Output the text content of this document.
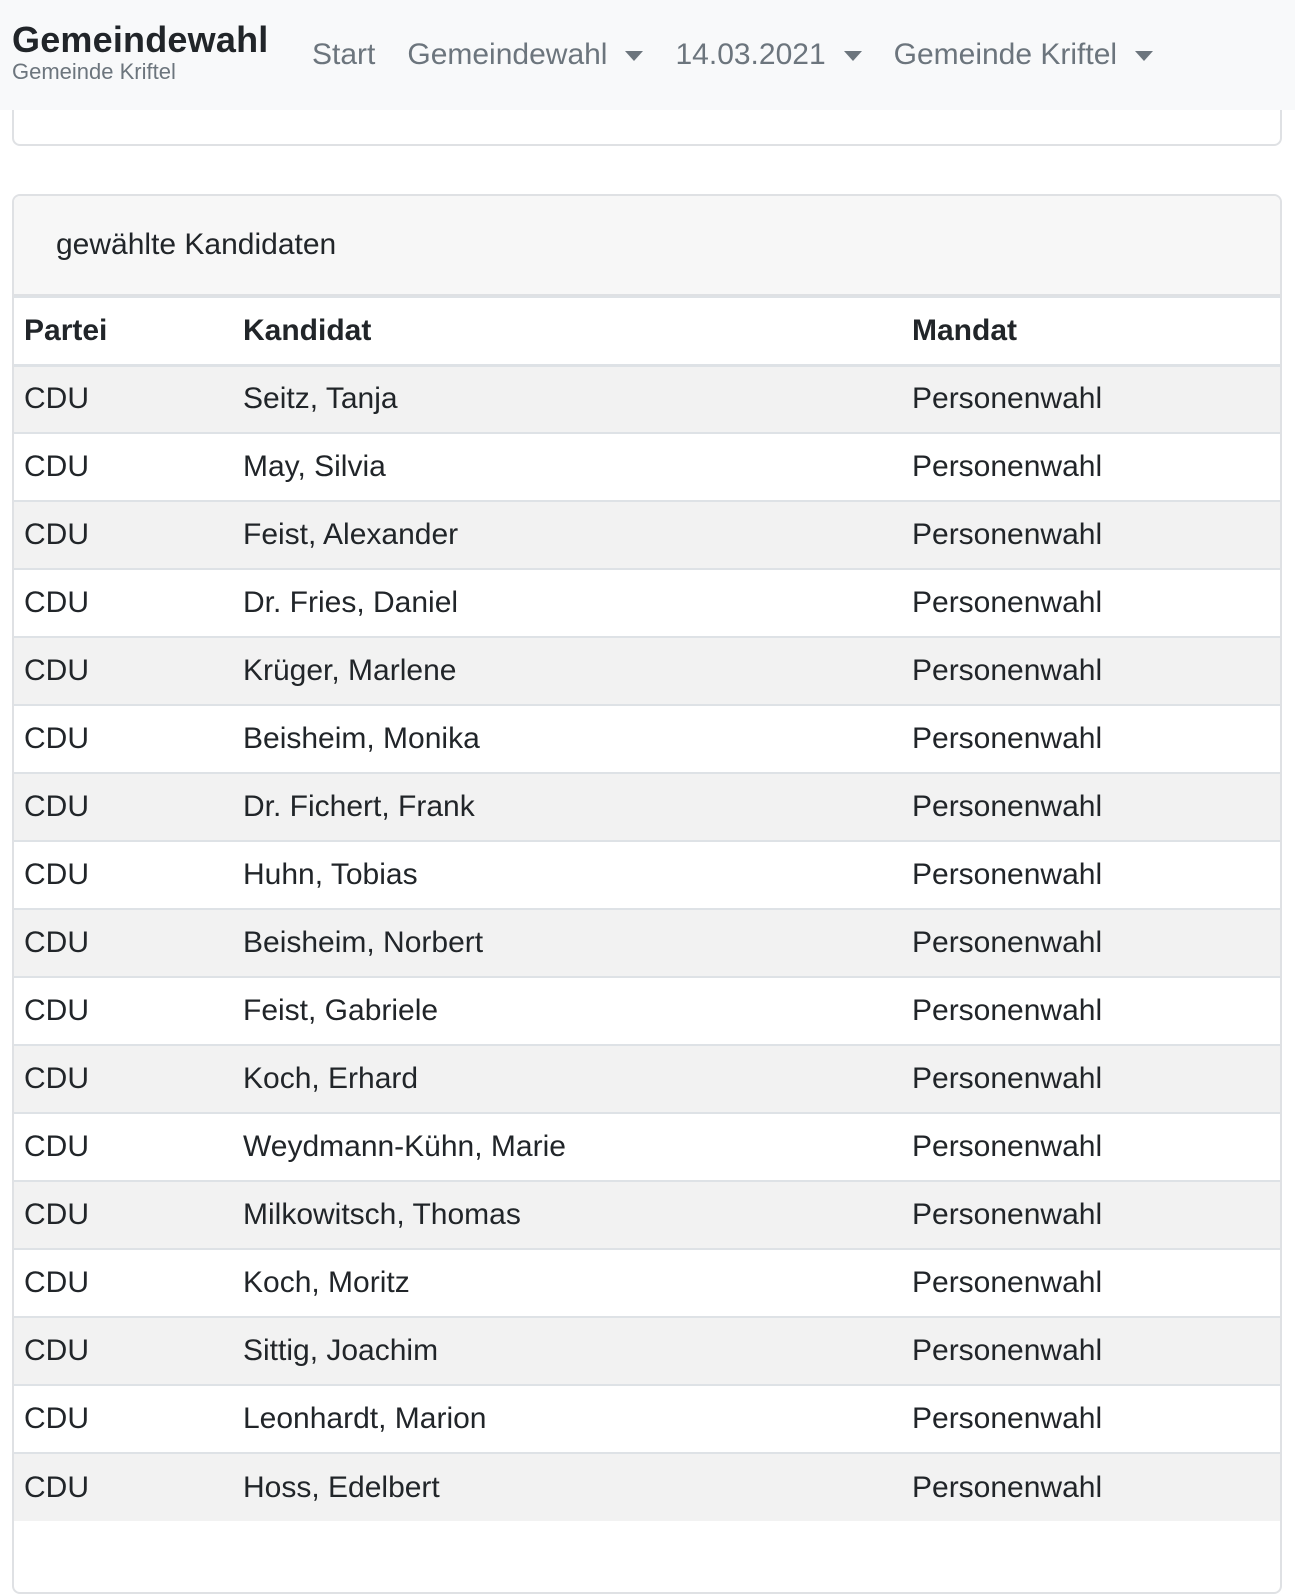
Gemeindewahl
Gemeinde Kriftel
Start Gemeindewahl 14.03.2021 Gemeinde Kriftel
gewählte Kandidaten
Partei	Kandidat	Mandat
CDU	Seitz, Tanja	Personenwahl
CDU	May, Silvia	Personenwahl
CDU	Feist, Alexander	Personenwahl
CDU	Dr. Fries, Daniel	Personenwahl
CDU	Krüger, Marlene	Personenwahl
CDU	Beisheim, Monika	Personenwahl
CDU	Dr. Fichert, Frank	Personenwahl
CDU	Huhn, Tobias	Personenwahl
CDU	Beisheim, Norbert	Personenwahl
CDU	Feist, Gabriele	Personenwahl
CDU	Koch, Erhard	Personenwahl
CDU	Weydmann-Kühn, Marie	Personenwahl
CDU	Milkowitsch, Thomas	Personenwahl
CDU	Koch, Moritz	Personenwahl
CDU	Sittig, Joachim	Personenwahl
CDU	Leonhardt, Marion	Personenwahl
CDU	Hoss, Edelbert	Personenwahl
